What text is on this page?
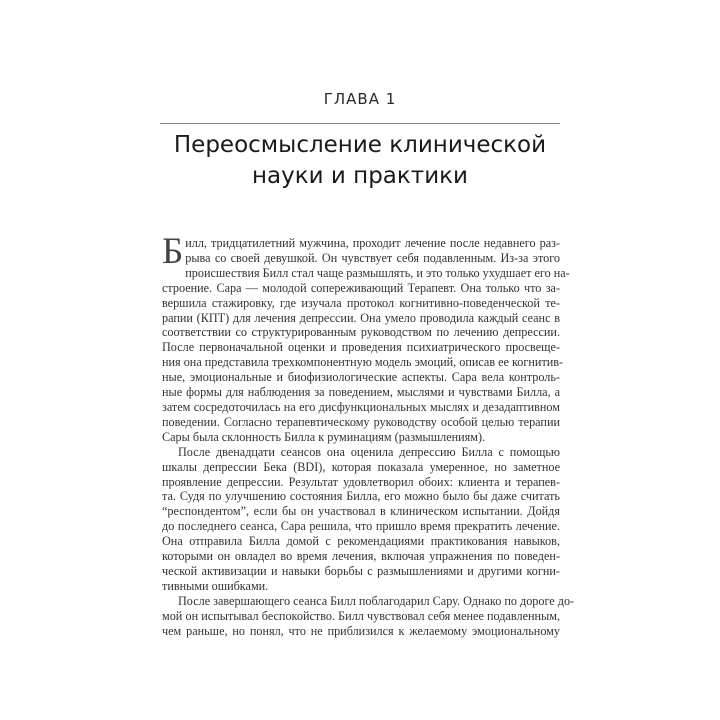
ГЛАВА 1
Переосмысление клинической
науки и практики
Б илл, тридцатилетний мужчина, проходит лечение после недавнего раз-
рыва со своей девушкой. Он чувствует себя подавленным. Из-за этого
происшествия Билл стал чаще размышлять, и это только ухудшает его на-
строение. Сара — молодой сопереживающий Терапевт. Она только что за-
вершила стажировку, где изучала протокол когнитивно-поведенческой те-
рапии (КПТ) для лечения депрессии. Она умело проводила каждый сеанс в
соответствии со структурированным руководством по лечению депрессии.
После первоначальной оценки и проведения психиатрического просвеще-
ния она представила трехкомпонентную модель эмоций, описав ее когнитив-
ные, эмоциональные и биофизиологические аспекты. Сара вела контроль-
ные формы для наблюдения за поведением, мыслями и чувствами Билла, а
затем сосредоточилась на его дисфункциональных мыслях и дезадаптивном
поведении. Согласно терапевтическому руководству особой целью терапии
Сары была склонность Билла к руминациям (размышлениям).
После двенадцати сеансов она оценила депрессию Билла с помощью
шкалы депрессии Бека (BDI), которая показала умеренное, но заметное
проявление депрессии. Результат удовлетворил обоих: клиента и терапев-
та. Судя по улучшению состояния Билла, его можно было бы даже считать
“респондентом”, если бы он участвовал в клиническом испытании. Дойдя
до последнего сеанса, Сара решила, что пришло время прекратить лечение.
Она отправила Билла домой с рекомендациями практикования навыков,
которыми он овладел во время лечения, включая упражнения по поведен-
ческой активизации и навыки борьбы с размышлениями и другими когни-
тивными ошибками.
После завершающего сеанса Билл поблагодарил Сару. Однако по дороге до-
мой он испытывал беспокойство. Билл чувствовал себя менее подавленным,
чем раньше, но понял, что не приблизился к желаемому эмоциональному
